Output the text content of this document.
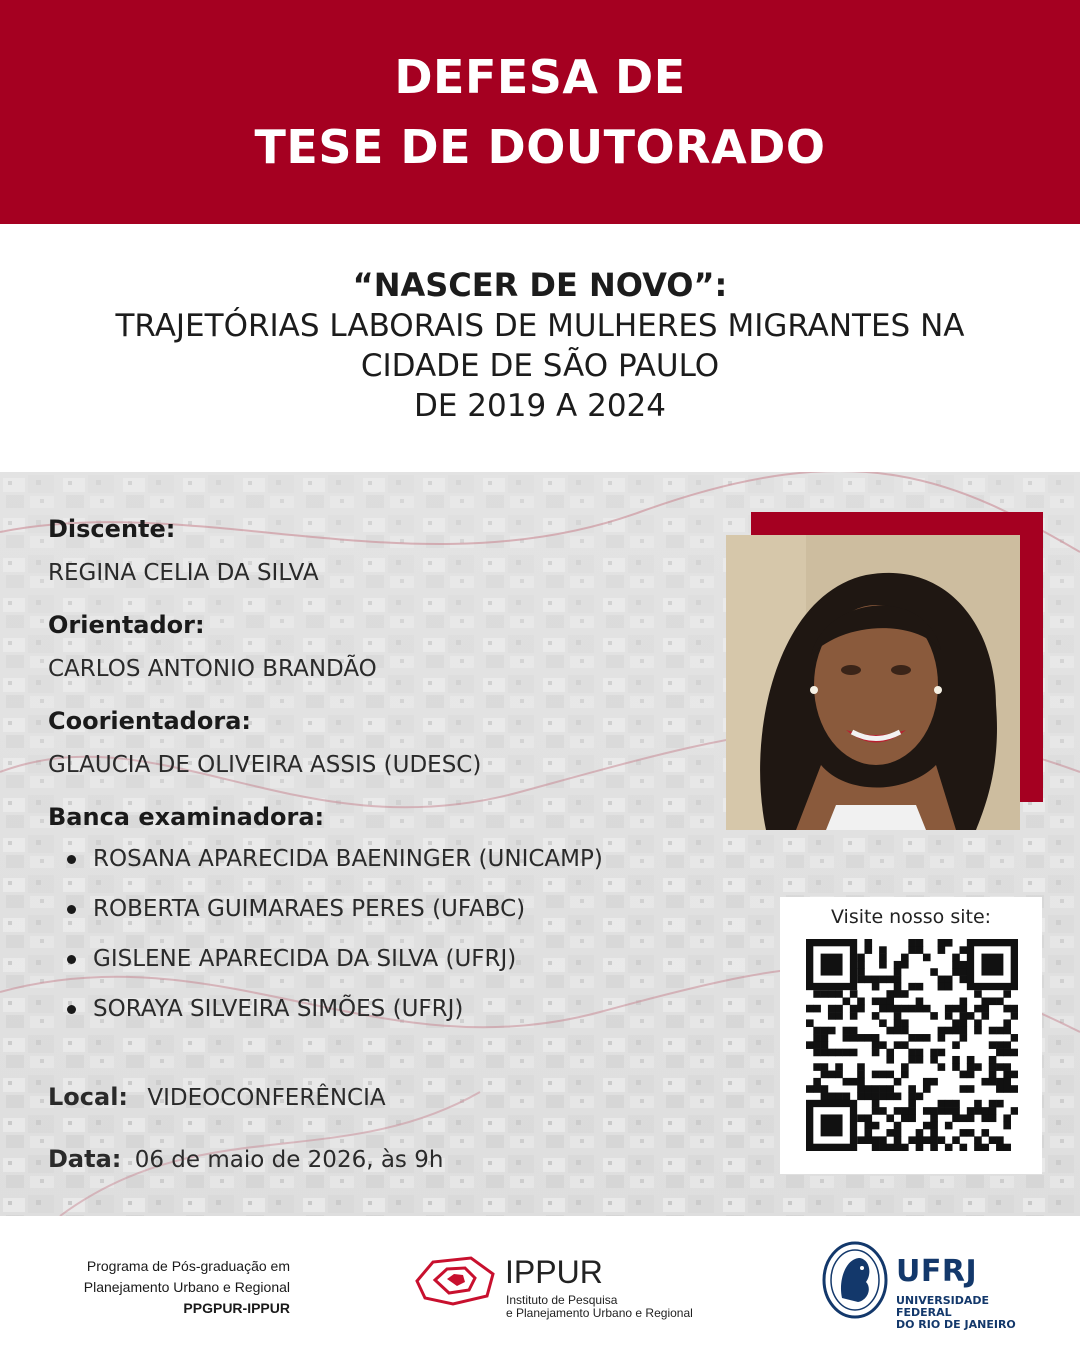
DEFESA DE
TESE DE DOUTORADO
“NASCER DE NOVO”:
TRAJETÓRIAS LABORAIS DE MULHERES MIGRANTES NA
CIDADE DE SÃO PAULO
DE 2019 A 2024
Discente:
REGINA CELIA DA SILVA
Orientador:
CARLOS ANTONIO BRANDÃO
Coorientadora:
GLAUCIA DE OLIVEIRA ASSIS (UDESC)
Banca examinadora:
ROSANA APARECIDA BAENINGER (UNICAMP)
ROBERTA GUIMARAES PERES (UFABC)
GISLENE APARECIDA DA SILVA (UFRJ)
SORAYA SILVEIRA SIMÕES (UFRJ)
Local: VIDEOCONFERÊNCIA
Data: 06 de maio de 2026, às 9h
Visite nosso site:
Programa de Pós-graduação em
Planejamento Urbano e Regional
PPGPUR-IPPUR
IPPUR
Instituto de Pesquisa
e Planejamento Urbano e Regional
UFRJ
UNIVERSIDADE FEDERAL
DO RIO DE JANEIRO
